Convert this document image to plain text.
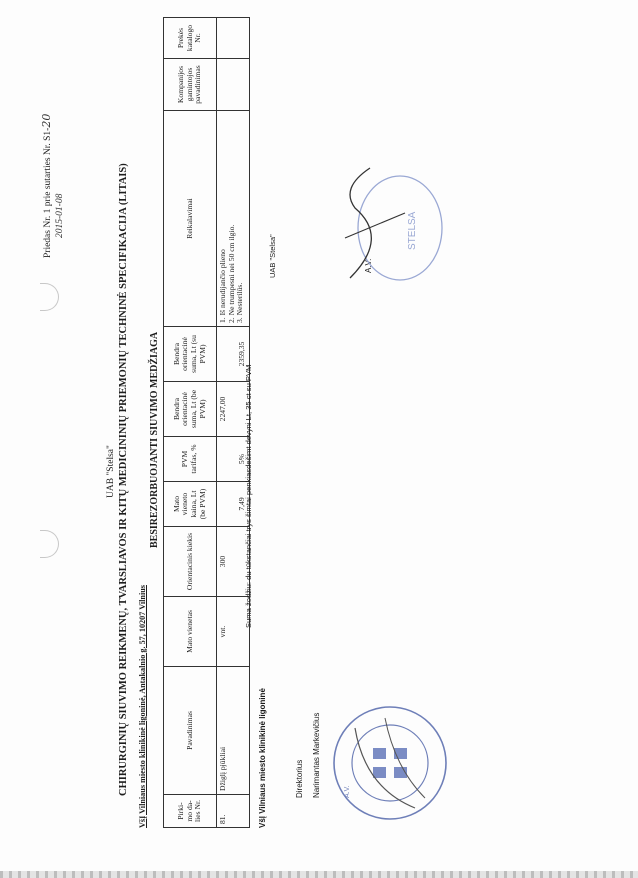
Priedas Nr. 1 prie sutarties Nr. S1-20
2015-01-08
UAB "Stelsa" CHIRURGINIŲ SIUVIMO REIKMENŲ, TVARSLIAVOS IR KITŲ MEDICININIŲ PRIEMONIŲ TECHNINĖ SPECIFIKACIJA (LITAIS) VšĮ Vilniaus miesto klinikinė ligoninė, Antakalnio g. 57, 10207 Vilnius
BESIREZORBUOJANTI SIUVIMO MEDŽIAGA
Pirki-mo da-lies Nr.	Pavadinimas	Mato vienetas	Orientacinis kiekis	Mato vieneto kaina, Lt (be PVM)	PVM tarifas, %	Bendra orientacinė suma, Lt (be PVM)	Bendra orientacinė suma, Lt (su PVM)	Reikalavimai	Kompanijos gamintojos pavadinimas	Prekės katalogo Nr.
81.	Džiglį pjūkliai	vnt.	300	7,49	5%	2247,00	2359,35	1. Iš nerudijančio plieno 2. Ne trumpesni nei 50 cm ilgio. 3. Nesterilūs.		

Suma žodžiu: du tūkstančiai trys šimtai penkiasdešimt devyni Lt, 35 ct su PVM
VšĮ Vilniaus miesto klinikinė ligoninė	Direktorius Narimantas Markevičius	A.V.
UAB "Stelsa"	A.V.
STELSA
